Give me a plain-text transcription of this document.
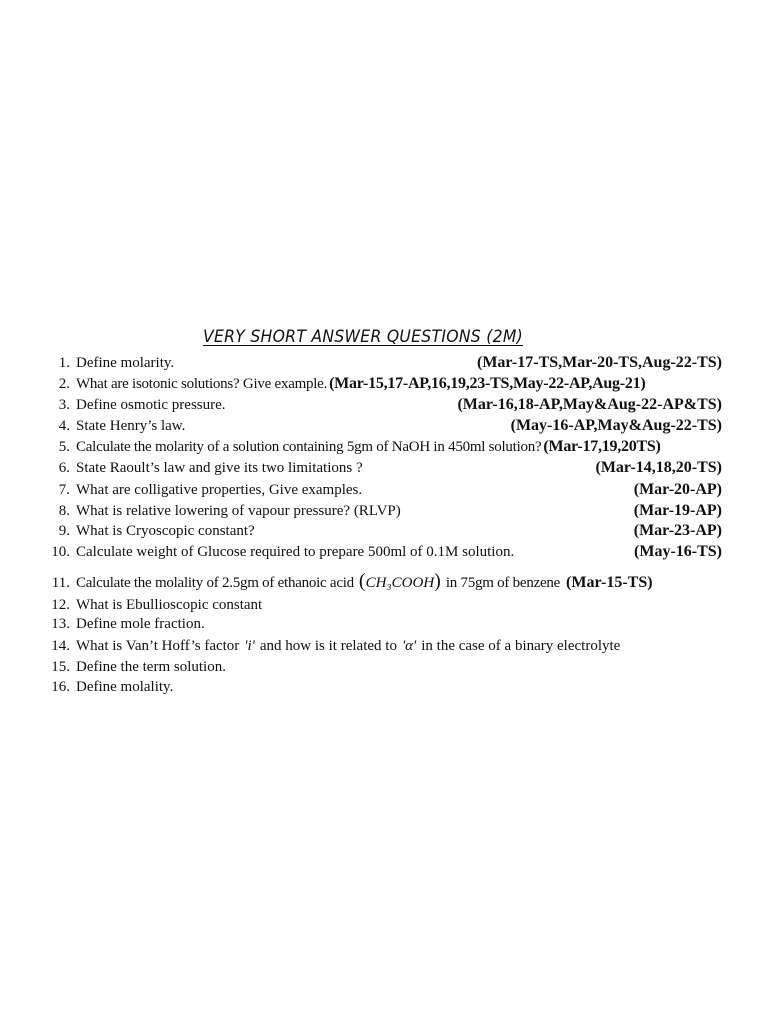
VERY SHORT ANSWER QUESTIONS (2M)
1. Define molarity.	(Mar-17-TS,Mar-20-TS,Aug-22-TS)
2. What are isotonic solutions? Give example. (Mar-15,17-AP,16,19,23-TS,May-22-AP,Aug-21)
3. Define osmotic pressure.	(Mar-16,18-AP,May&Aug-22-AP&TS)
4. State Henry’s law.	(May-16-AP,May&Aug-22-TS)
5. Calculate the molarity of a solution containing 5gm of NaOH in 450ml solution? (Mar-17,19,20TS)
6. State Raoult’s law and give its two limitations ?	(Mar-14,18,20-TS)
7. What are colligative properties, Give examples.	(Mar-20-AP)
8. What is relative lowering of vapour pressure? (RLVP)	(Mar-19-AP)
9. What is Cryoscopic constant?	(Mar-23-AP)
10. Calculate weight of Glucose required to prepare 500ml of 0.1M solution.	(May-16-TS)
11. Calculate the molality of 2.5gm of ethanoic acid ( CH₃COOH ) in 75gm of benzene (Mar-15-TS)
12. What is Ebullioscopic constant
13. Define mole fraction.
14. What is Van’t Hoff’s factor 'i' and how is it related to 'α' in the case of a binary electrolyte
15. Define the term solution.
16. Define molality.
